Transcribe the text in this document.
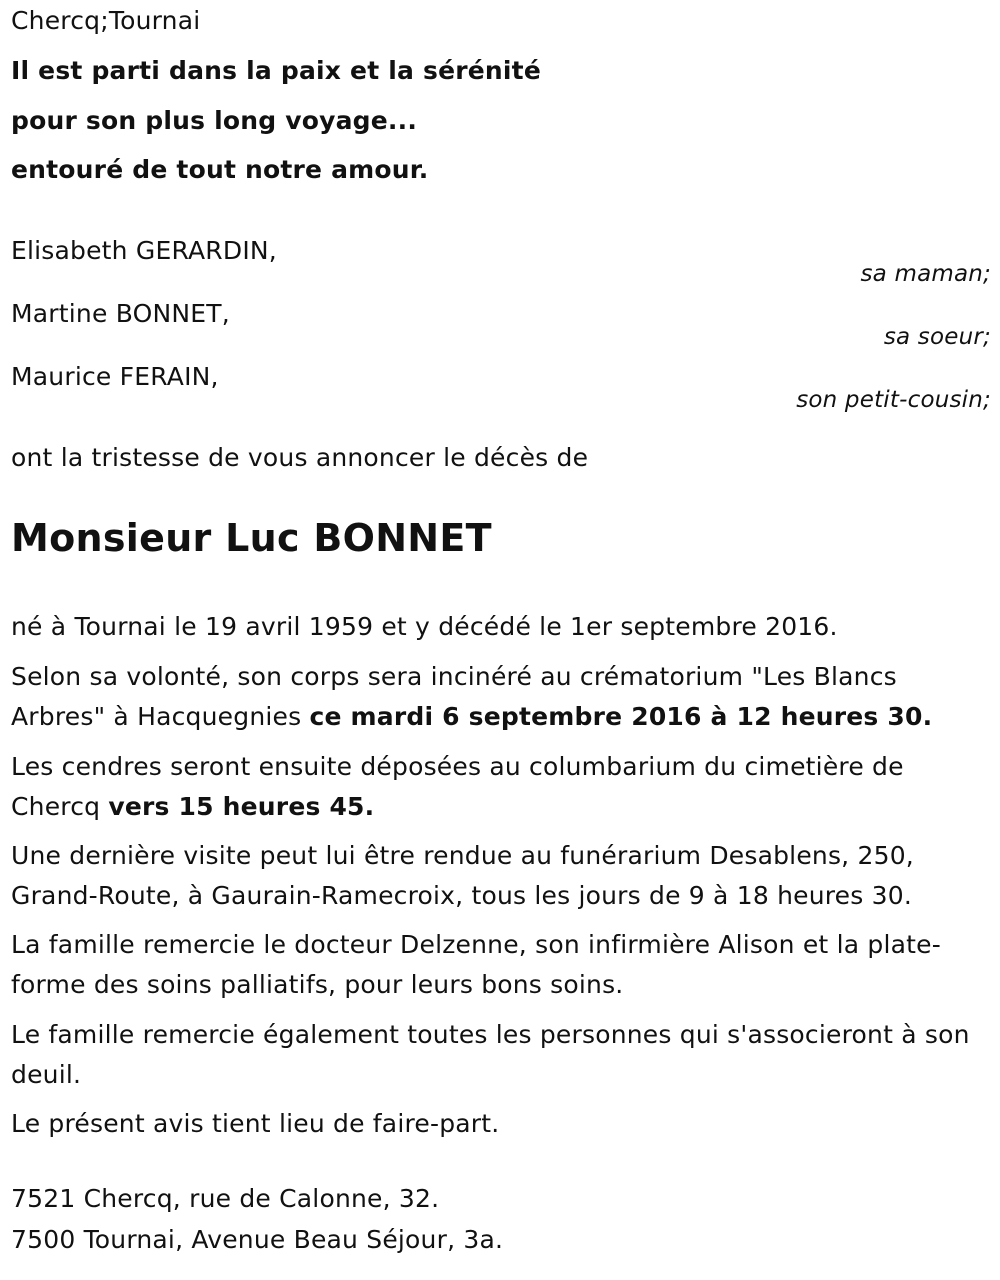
Chercq;Tournai
Il est parti dans la paix et la sérénité
pour son plus long voyage...
entouré de tout notre amour.
Elisabeth GERARDIN,
sa maman;
Martine BONNET,
sa soeur;
Maurice FERAIN,
son petit-cousin;
ont la tristesse de vous annoncer le décès de
Monsieur Luc BONNET
né à Tournai le 19 avril 1959 et y décédé le 1er septembre 2016.
Selon sa volonté, son corps sera incinéré au crématorium "Les Blancs Arbres" à Hacquegnies ce mardi 6 septembre 2016 à 12 heures 30.
Les cendres seront ensuite déposées au columbarium du cimetière de Chercq vers 15 heures 45.
Une dernière visite peut lui être rendue au funérarium Desablens, 250, Grand-Route, à Gaurain-Ramecroix, tous les jours de 9 à 18 heures 30.
La famille remercie le docteur Delzenne, son infirmière Alison et la plate-forme des soins palliatifs, pour leurs bons soins.
Le famille remercie également toutes les personnes qui s'associeront à son deuil.
Le présent avis tient lieu de faire-part.
7521 Chercq, rue de Calonne, 32.
7500 Tournai, Avenue Beau Séjour, 3a.
